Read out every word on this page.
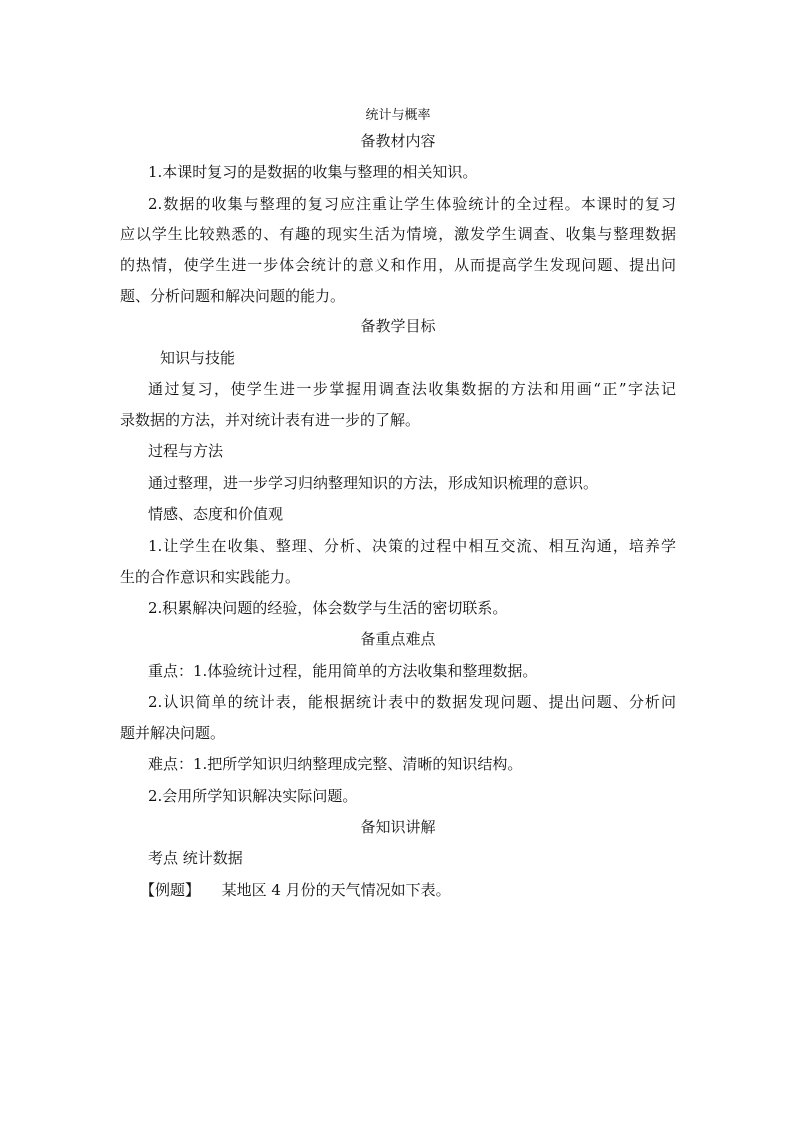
统计与概率
备教材内容
1.本课时复习的是数据的收集与整理的相关知识。
2.数据的收集与整理的复习应注重让学生体验统计的全过程。本课时的复习
应以学生比较熟悉的、有趣的现实生活为情境，激发学生调查、收集与整理数据
的热情，使学生进一步体会统计的意义和作用，从而提高学生发现问题、提出问
题、分析问题和解决问题的能力。
备教学目标
知识与技能
通过复习，使学生进一步掌握用调查法收集数据的方法和用画“正”字法记
录数据的方法，并对统计表有进一步的了解。
过程与方法
通过整理，进一步学习归纳整理知识的方法，形成知识梳理的意识。
情感、态度和价值观
1.让学生在收集、整理、分析、决策的过程中相互交流、相互沟通，培养学
生的合作意识和实践能力。
2.积累解决问题的经验，体会数学与生活的密切联系。
备重点难点
重点：1.体验统计过程，能用简单的方法收集和整理数据。
2.认识简单的统计表，能根据统计表中的数据发现问题、提出问题、分析问
题并解决问题。
难点：1.把所学知识归纳整理成完整、清晰的知识结构。
2.会用所学知识解决实际问题。
备知识讲解
考点 统计数据
【例题】 某地区 4 月份的天气情况如下表。
